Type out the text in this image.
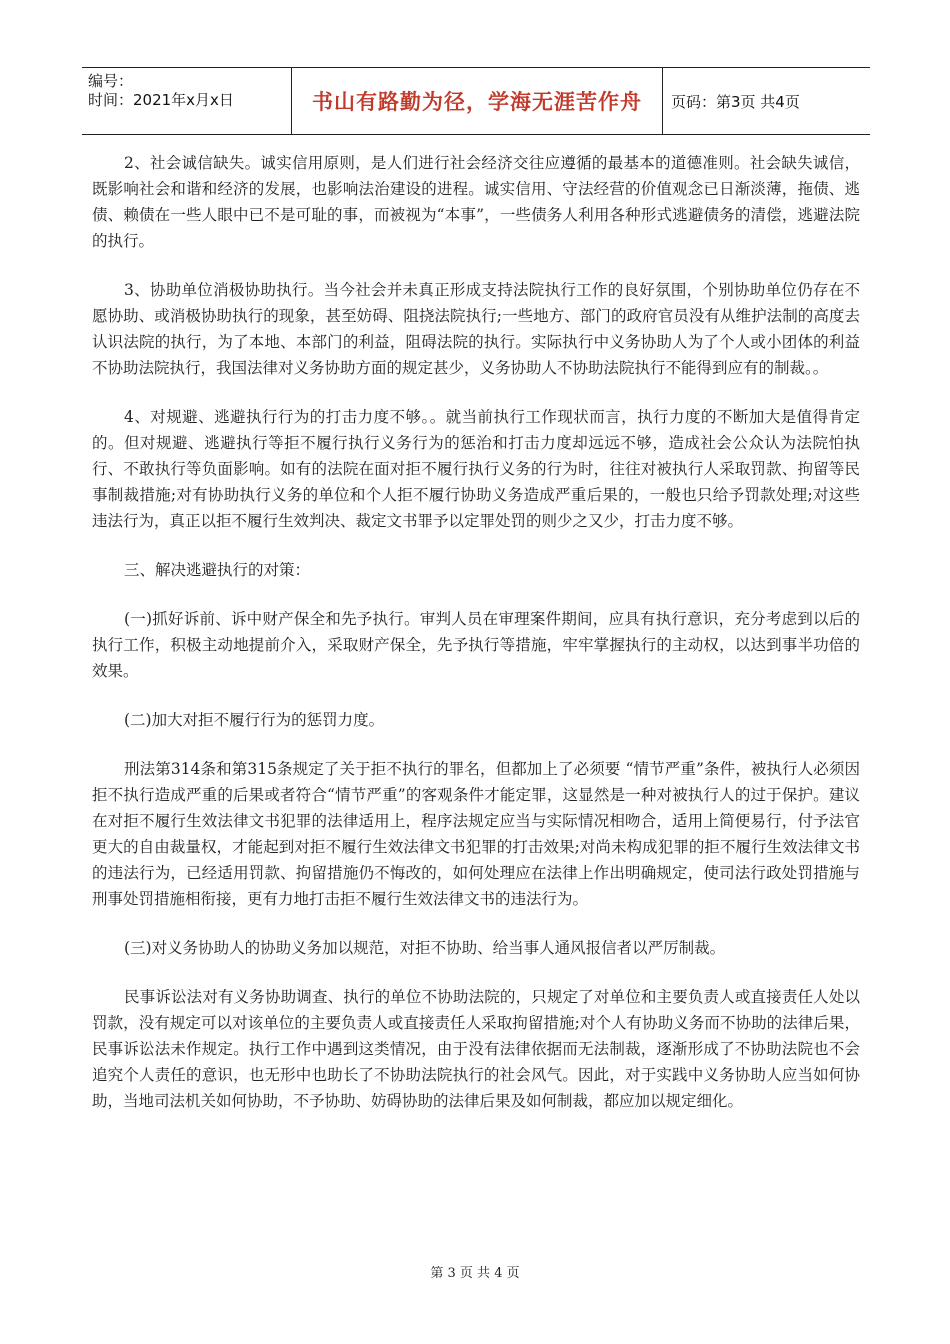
编号：
时间：2021年x月x日	书山有路勤为径，学海无涯苦作舟	页码：第3页 共4页

2、社会诚信缺失。诚实信用原则，是人们进行社会经济交往应遵循的最基本的道德准则。社会缺失诚信，既影响社会和谐和经济的发展，也影响法治建设的进程。诚实信用、守法经营的价值观念已日渐淡薄，拖债、逃债、赖债在一些人眼中已不是可耻的事，而被视为“本事”，一些债务人利用各种形式逃避债务的清偿，逃避法院的执行。

3、协助单位消极协助执行。当今社会并未真正形成支持法院执行工作的良好氛围，个别协助单位仍存在不愿协助、或消极协助执行的现象，甚至妨碍、阻挠法院执行;一些地方、部门的政府官员没有从维护法制的高度去认识法院的执行，为了本地、本部门的利益，阻碍法院的执行。实际执行中义务协助人为了个人或小团体的利益不协助法院执行，我国法律对义务协助方面的规定甚少，义务协助人不协助法院执行不能得到应有的制裁。。

4、对规避、逃避执行行为的打击力度不够。。就当前执行工作现状而言，执行力度的不断加大是值得肯定的。但对规避、逃避执行等拒不履行执行义务行为的惩治和打击力度却远远不够，造成社会公众认为法院怕执行、不敢执行等负面影响。如有的法院在面对拒不履行执行义务的行为时，往往对被执行人采取罚款、拘留等民事制裁措施;对有协助执行义务的单位和个人拒不履行协助义务造成严重后果的，一般也只给予罚款处理;对这些违法行为，真正以拒不履行生效判决、裁定文书罪予以定罪处罚的则少之又少，打击力度不够。

三、解决逃避执行的对策：

(一)抓好诉前、诉中财产保全和先予执行。审判人员在审理案件期间，应具有执行意识，充分考虑到以后的执行工作，积极主动地提前介入，采取财产保全，先予执行等措施，牢牢掌握执行的主动权，以达到事半功倍的效果。

(二)加大对拒不履行行为的惩罚力度。

刑法第314条和第315条规定了关于拒不执行的罪名，但都加上了必须要 “情节严重”条件，被执行人必须因拒不执行造成严重的后果或者符合“情节严重”的客观条件才能定罪，这显然是一种对被执行人的过于保护。建议在对拒不履行生效法律文书犯罪的法律适用上，程序法规定应当与实际情况相吻合，适用上简便易行，付予法官更大的自由裁量权，才能起到对拒不履行生效法律文书犯罪的打击效果;对尚未构成犯罪的拒不履行生效法律文书的违法行为，已经适用罚款、拘留措施仍不悔改的，如何处理应在法律上作出明确规定，使司法行政处罚措施与刑事处罚措施相衔接，更有力地打击拒不履行生效法律文书的违法行为。

(三)对义务协助人的协助义务加以规范，对拒不协助、给当事人通风报信者以严厉制裁。

民事诉讼法对有义务协助调查、执行的单位不协助法院的，只规定了对单位和主要负责人或直接责任人处以罚款，没有规定可以对该单位的主要负责人或直接责任人采取拘留措施;对个人有协助义务而不协助的法律后果，民事诉讼法未作规定。执行工作中遇到这类情况，由于没有法律依据而无法制裁，逐渐形成了不协助法院也不会追究个人责任的意识，也无形中也助长了不协助法院执行的社会风气。因此，对于实践中义务协助人应当如何协助，当地司法机关如何协助，不予协助、妨碍协助的法律后果及如何制裁，都应加以规定细化。

第 3 页 共 4 页
